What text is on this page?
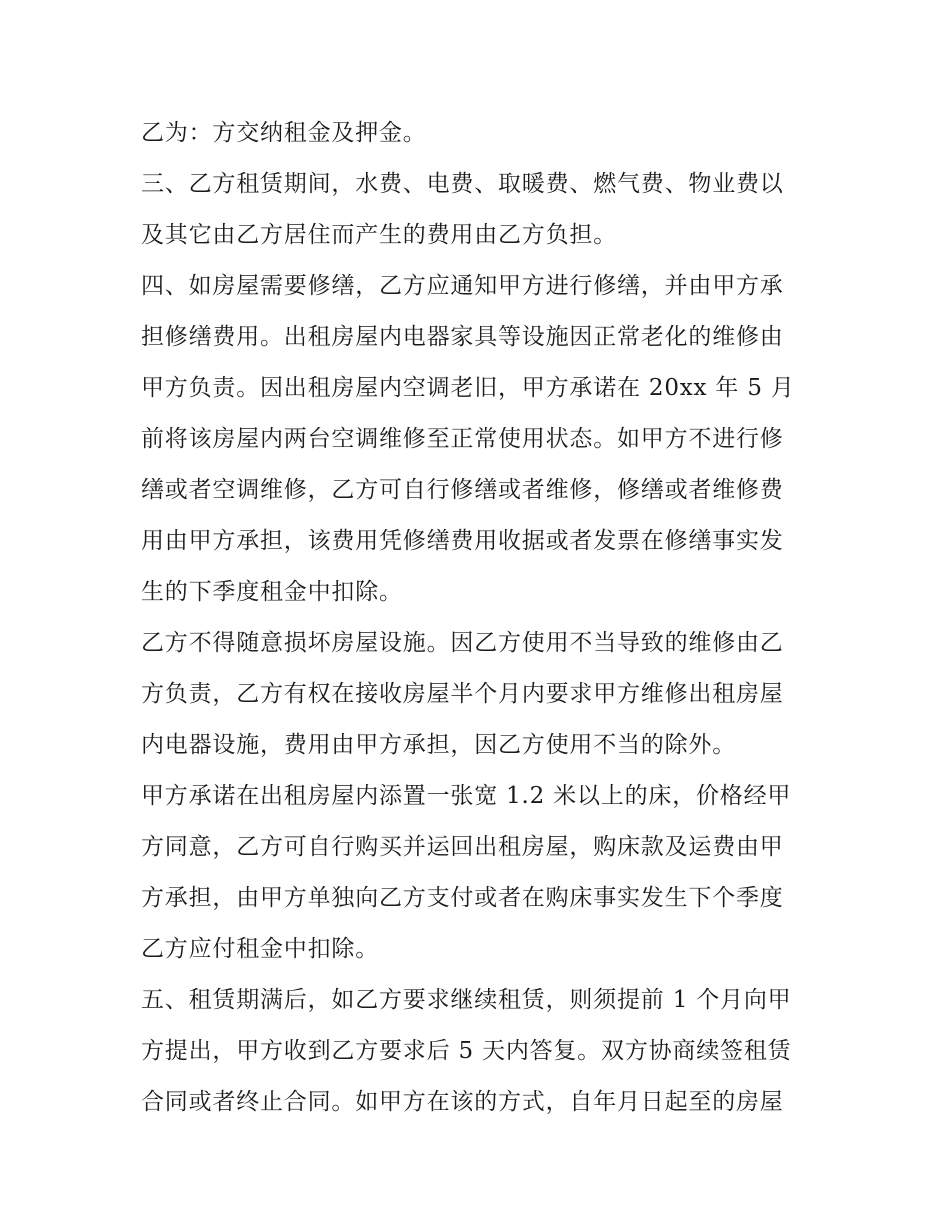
乙为：方交纳租金及押金。
三、乙方租赁期间，水费、电费、取暖费、燃气费、物业费以
及其它由乙方居住而产生的费用由乙方负担。
四、如房屋需要修缮，乙方应通知甲方进行修缮，并由甲方承
担修缮费用。出租房屋内电器家具等设施因正常老化的维修由
甲方负责。因出租房屋内空调老旧，甲方承诺在 20xx 年 5 月
前将该房屋内两台空调维修至正常使用状态。如甲方不进行修
缮或者空调维修，乙方可自行修缮或者维修，修缮或者维修费
用由甲方承担，该费用凭修缮费用收据或者发票在修缮事实发
生的下季度租金中扣除。
乙方不得随意损坏房屋设施。因乙方使用不当导致的维修由乙
方负责，乙方有权在接收房屋半个月内要求甲方维修出租房屋
内电器设施，费用由甲方承担，因乙方使用不当的除外。
甲方承诺在出租房屋内添置一张宽 1.2 米以上的床，价格经甲
方同意，乙方可自行购买并运回出租房屋，购床款及运费由甲
方承担，由甲方单独向乙方支付或者在购床事实发生下个季度
乙方应付租金中扣除。
五、租赁期满后，如乙方要求继续租赁，则须提前 1 个月向甲
方提出，甲方收到乙方要求后 5 天内答复。双方协商续签租赁
合同或者终止合同。如甲方在该的方式，自年月日起至的房屋
